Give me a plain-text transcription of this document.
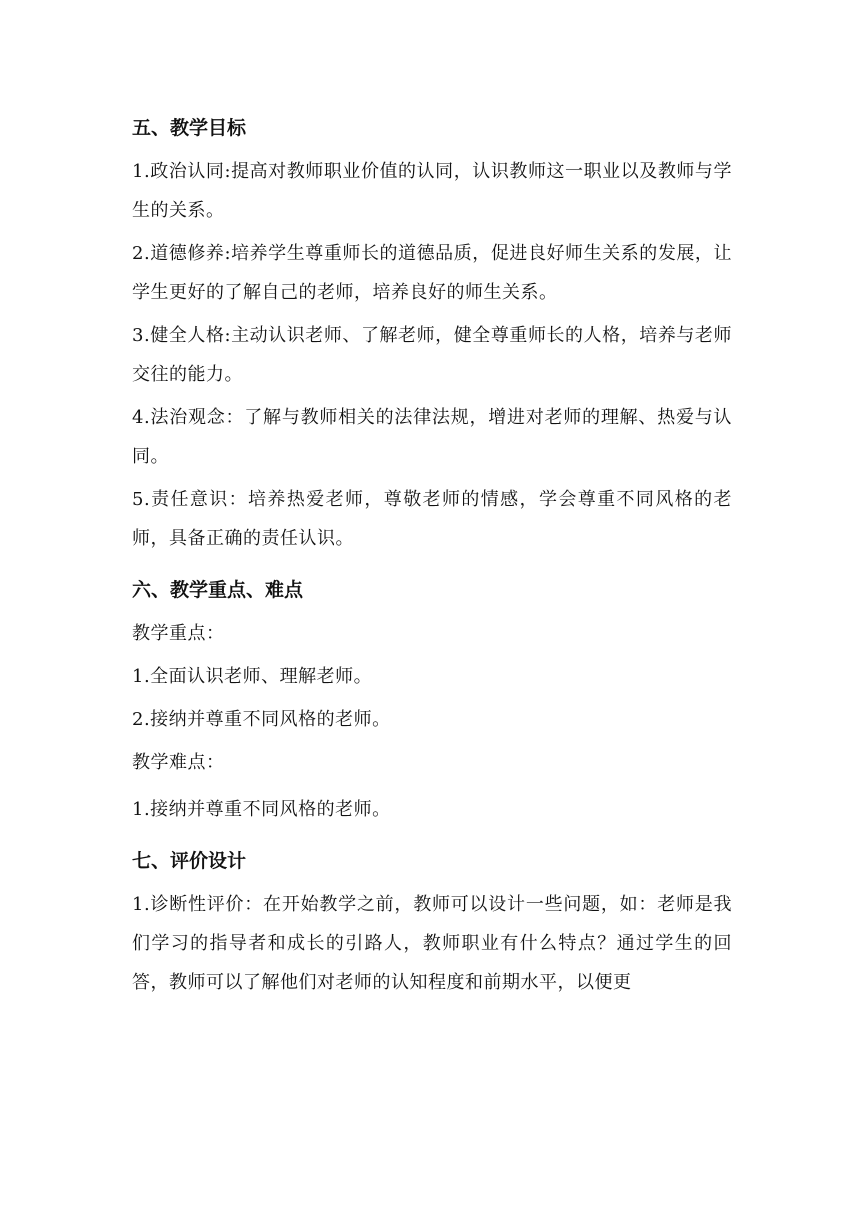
五、教学目标

1.政治认同:提高对教师职业价值的认同，认识教师这一职业以及教师与学生的关系。

2.道德修养:培养学生尊重师长的道德品质，促进良好师生关系的发展，让学生更好的了解自己的老师，培养良好的师生关系。

3.健全人格:主动认识老师、了解老师，健全尊重师长的人格，培养与老师交往的能力。

4.法治观念：了解与教师相关的法律法规，增进对老师的理解、热爱与认同。

5.责任意识：培养热爱老师，尊敬老师的情感，学会尊重不同风格的老师，具备正确的责任认识。

六、教学重点、难点

教学重点：

1.全面认识老师、理解老师。

2.接纳并尊重不同风格的老师。

教学难点：

1.接纳并尊重不同风格的老师。

七、评价设计

1.诊断性评价：在开始教学之前，教师可以设计一些问题，如：老师是我们学习的指导者和成长的引路人，教师职业有什么特点？通过学生的回答，教师可以了解他们对老师的认知程度和前期水平，以便更
